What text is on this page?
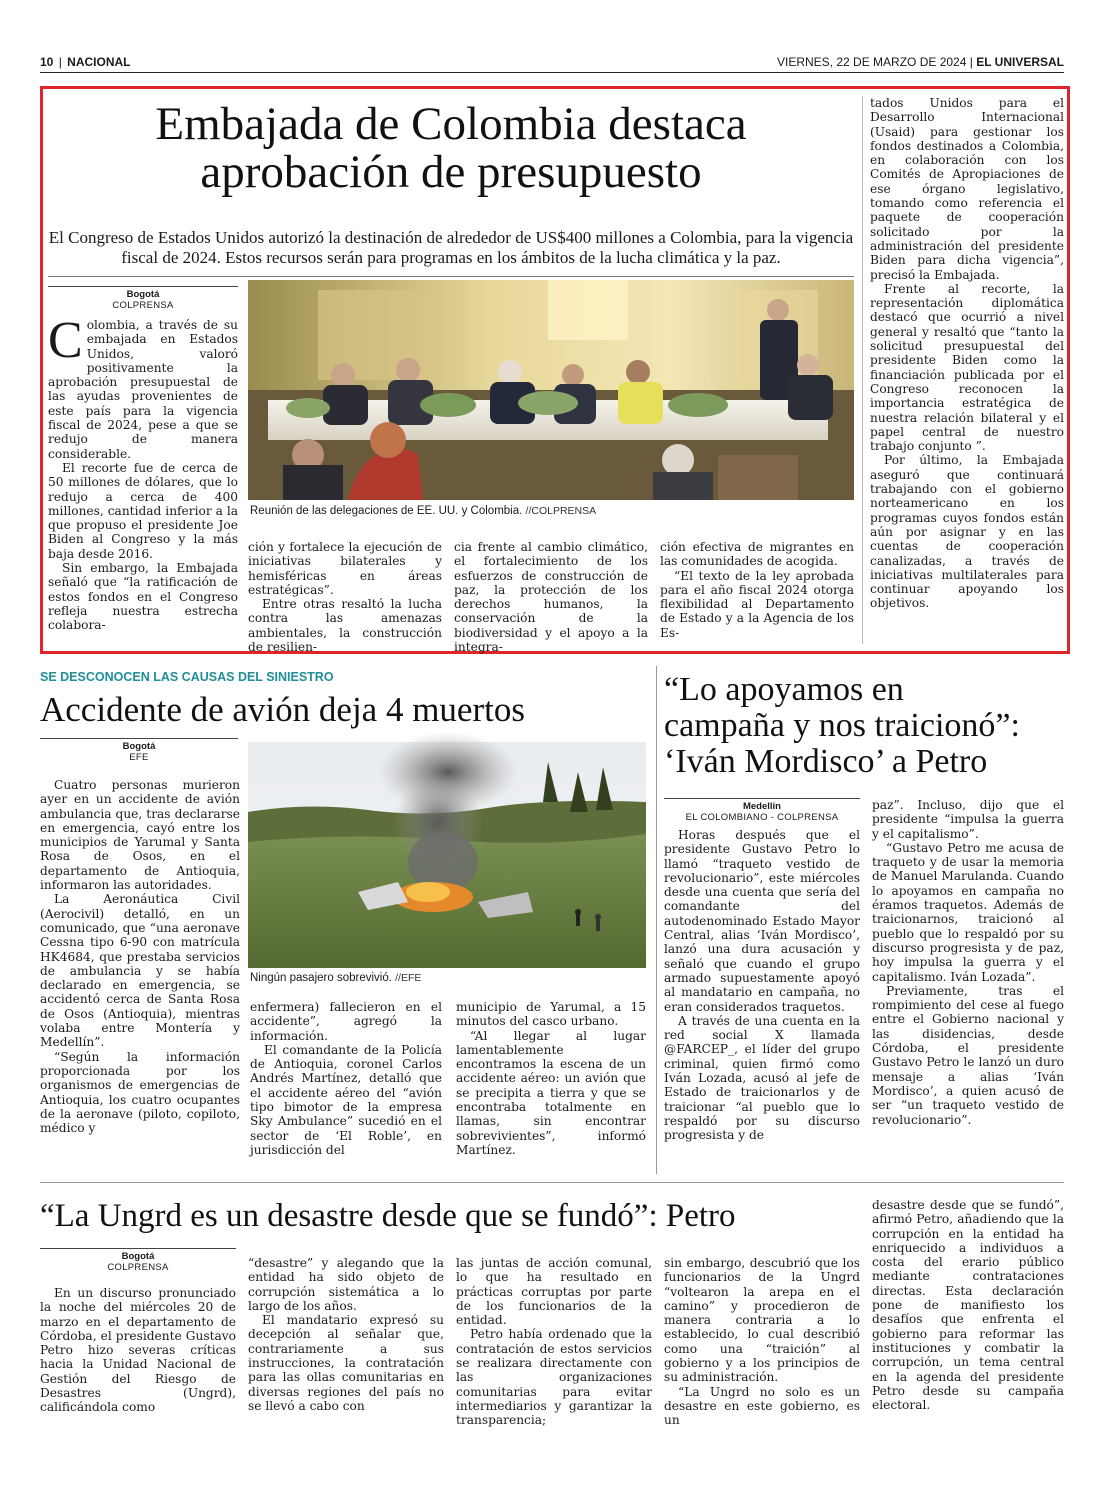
10 | NACIONAL	VIERNES, 22 DE MARZO DE 2024 | EL UNIVERSAL
Embajada de Colombia destaca
aprobación de presupuesto
El Congreso de Estados Unidos autorizó la destinación de alrededor de US$400 millones a Colombia, para la vigencia fiscal de 2024. Estos recursos serán para programas en los ámbitos de la lucha climática y la paz.
Bogotá
COLPRENSA

Colombia, a través de su embajada en Estados Unidos, valoró positivamente la aprobación presupuestal de las ayudas provenientes de este país para la vigencia fiscal de 2024, pese a que se redujo de manera considerable.

El recorte fue de cerca de 50 millones de dólares, que lo redujo a cerca de 400 millones, cantidad inferior a la que propuso el presidente Joe Biden al Congreso y la más baja desde 2016.

Sin embargo, la Embajada señaló que “la ratificación de estos fondos en el Congreso refleja nuestra estrecha colabora-

Reunión de las delegaciones de EE. UU. y Colombia. //COLPRENSA

ción y fortalece la ejecución de iniciativas bilaterales y hemisféricas en áreas estratégicas”.

Entre otras resaltó la lucha contra las amenazas ambientales, la construcción de resilien-

cia frente al cambio climático, el fortalecimiento de los esfuerzos de construcción de paz, la protección de los derechos humanos, la conservación de la biodiversidad y el apoyo a la integra-

ción efectiva de migrantes en las comunidades de acogida.

“El texto de la ley aprobada para el año fiscal 2024 otorga flexibilidad al Departamento de Estado y a la Agencia de los Es-

tados Unidos para el Desarrollo Internacional (Usaid) para gestionar los fondos destinados a Colombia, en colaboración con los Comités de Apropiaciones de ese órgano legislativo, tomando como referencia el paquete de cooperación solicitado por la administración del presidente Biden para dicha vigencia”, precisó la Embajada.

Frente al recorte, la representación diplomática destacó que ocurrió a nivel general y resaltó que “tanto la solicitud presupuestal del presidente Biden como la financiación publicada por el Congreso reconocen la importancia estratégica de nuestra relación bilateral y el papel central de nuestro trabajo conjunto ”.

Por último, la Embajada aseguró que continuará trabajando con el gobierno norteamericano en los programas cuyos fondos están aún por asignar y en las cuentas de cooperación canalizadas, a través de iniciativas multilaterales para continuar apoyando los objetivos.

SE DESCONOCEN LAS CAUSAS DEL SINIESTRO
Accidente de avión deja 4 muertos
Bogotá
EFE

Cuatro personas murieron ayer en un accidente de avión ambulancia que, tras declararse en emergencia, cayó entre los municipios de Yarumal y Santa Rosa de Osos, en el departamento de Antioquia, informaron las autoridades.

La Aeronáutica Civil (Aerocivil) detalló, en un comunicado, que “una aeronave Cessna tipo 6-90 con matrícula HK4684, que prestaba servicios de ambulancia y se había declarado en emergencia, se accidentó cerca de Santa Rosa de Osos (Antioquia), mientras volaba entre Montería y Medellín”.

“Según la información proporcionada por los organismos de emergencias de Antioquia, los cuatro ocupantes de la aeronave (piloto, copiloto, médico y

Ningún pasajero sobrevivió. //EFE

enfermera) fallecieron en el accidente”, agregó la información.

El comandante de la Policía de Antioquia, coronel Carlos Andrés Martínez, detalló que el accidente aéreo del “avión tipo bimotor de la empresa Sky Ambulance” sucedió en el sector de ‘El Roble’, en jurisdicción del

municipio de Yarumal, a 15 minutos del casco urbano.

“Al llegar al lugar lamentablemente encontramos la escena de un accidente aéreo: un avión que se precipita a tierra y que se encontraba totalmente en llamas, sin encontrar sobrevivientes”, informó Martínez.

“Lo apoyamos en
campaña y nos traicionó”:
‘Iván Mordisco’ a Petro
Medellín
EL COLOMBIANO - COLPRENSA

Horas después que el presidente Gustavo Petro lo llamó “traqueto vestido de revolucionario”, este miércoles desde una cuenta que sería del comandante del autodenominado Estado Mayor Central, alias ‘Iván Mordisco’, lanzó una dura acusación y señaló que cuando el grupo armado supuestamente apoyó al mandatario en campaña, no eran considerados traquetos.

A través de una cuenta en la red social X llamada @FARCEP_, el líder del grupo criminal, quien firmó como Iván Lozada, acusó al jefe de Estado de traicionarlos y de traicionar “al pueblo que lo respaldó por su discurso progresista y de

paz”. Incluso, dijo que el presidente “impulsa la guerra y el capitalismo”.

“Gustavo Petro me acusa de traqueto y de usar la memoria de Manuel Marulanda. Cuando lo apoyamos en campaña no éramos traquetos. Además de traicionarnos, traicionó al pueblo que lo respaldó por su discurso progresista y de paz, hoy impulsa la guerra y el capitalismo. Iván Lozada”.

Previamente, tras el rompimiento del cese al fuego entre el Gobierno nacional y las disidencias, desde Córdoba, el presidente Gustavo Petro le lanzó un duro mensaje a alias ‘Iván Mordisco’, a quien acusó de ser “un traqueto vestido de revolucionario”.

“La Ungrd es un desastre desde que se fundó”: Petro
Bogotá
COLPRENSA

En un discurso pronunciado la noche del miércoles 20 de marzo en el departamento de Córdoba, el presidente Gustavo Petro hizo severas críticas hacia la Unidad Nacional de Gestión del Riesgo de Desastres (Ungrd), calificándola como

“desastre” y alegando que la entidad ha sido objeto de corrupción sistemática a lo largo de los años.

El mandatario expresó su decepción al señalar que, contrariamente a sus instrucciones, la contratación para las ollas comunitarias en diversas regiones del país no se llevó a cabo con

las juntas de acción comunal, lo que ha resultado en prácticas corruptas por parte de los funcionarios de la entidad.

Petro había ordenado que la contratación de estos servicios se realizara directamente con las organizaciones comunitarias para evitar intermediarios y garantizar la transparencia;

sin embargo, descubrió que los funcionarios de la Ungrd “voltearon la arepa en el camino” y procedieron de manera contraria a lo establecido, lo cual describió como una “traición” al gobierno y a los principios de su administración.

“La Ungrd no solo es un desastre en este gobierno, es un

desastre desde que se fundó”, afirmó Petro, añadiendo que la corrupción en la entidad ha enriquecido a individuos a costa del erario público mediante contrataciones directas. Esta declaración pone de manifiesto los desafíos que enfrenta el gobierno para reformar las instituciones y combatir la corrupción, un tema central en la agenda del presidente Petro desde su campaña electoral.
